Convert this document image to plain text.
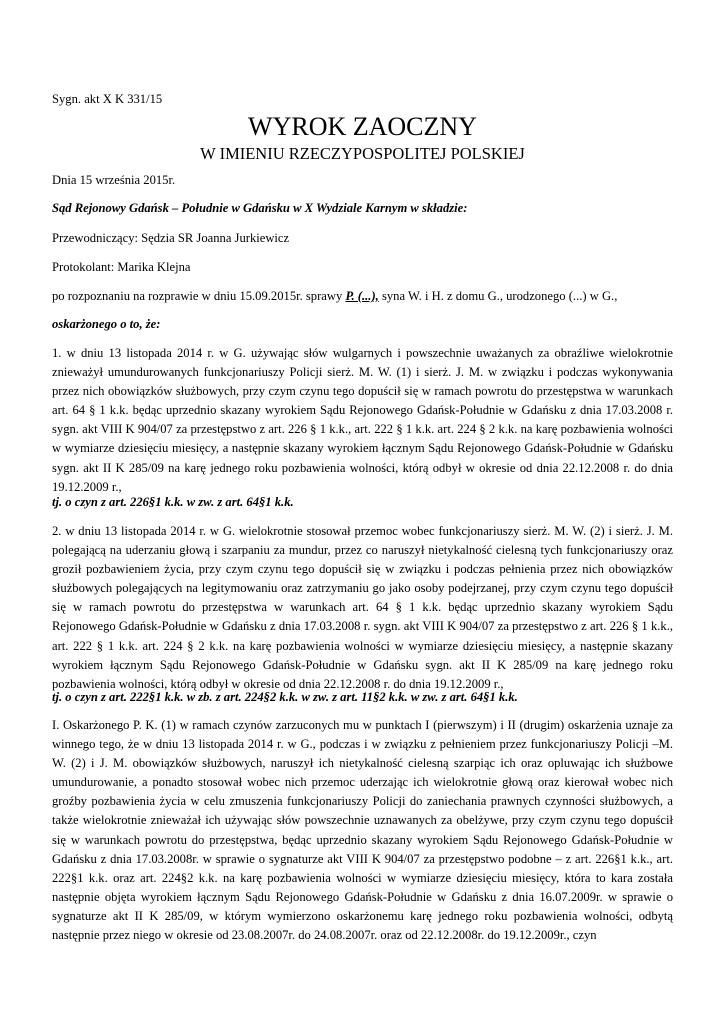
Sygn. akt X K 331/15
WYROK ZAOCZNY
W IMIENIU RZECZYPOSPOLITEJ POLSKIEJ
Dnia 15 września 2015r.
Sąd Rejonowy Gdańsk – Południe w Gdańsku w X Wydziale Karnym w składzie:
Przewodniczący: Sędzia SR Joanna Jurkiewicz
Protokolant: Marika Klejna
po rozpoznaniu na rozprawie w dniu 15.09.2015r. sprawy P. (...), syna W. i H. z domu G., urodzonego (...) w G.,
oskarżonego o to, że:

1. w dniu 13 listopada 2014 r. w G. używając słów wulgarnych i powszechnie uważanych za obraźliwe wielokrotnie znieważył umundurowanych funkcjonariuszy Policji sierż. M. W. (1) i sierż. J. M. w związku i podczas wykonywania przez nich obowiązków służbowych, przy czym czynu tego dopuścił się w ramach powrotu do przestępstwa w warunkach art. 64 § 1 k.k. będąc uprzednio skazany wyrokiem Sądu Rejonowego Gdańsk-Południe w Gdańsku z dnia 17.03.2008 r. sygn. akt VIII K 904/07 za przestępstwo z art. 226 § 1 k.k., art. 222 § 1 k.k. art. 224 § 2 k.k. na karę pozbawienia wolności w wymiarze dziesięciu miesięcy, a następnie skazany wyrokiem łącznym Sądu Rejonowego Gdańsk-Południe w Gdańsku sygn. akt II K 285/09 na karę jednego roku pozbawienia wolności, którą odbył w okresie od dnia 22.12.2008 r. do dnia 19.12.2009 r.,

tj. o czyn z art. 226§1 k.k. w zw. z art. 64§1 k.k.

2. w dniu 13 listopada 2014 r. w G. wielokrotnie stosował przemoc wobec funkcjonariuszy sierż. M. W. (2) i sierż. J. M. polegającą na uderzaniu głową i szarpaniu za mundur, przez co naruszył nietykalność cielesną tych funkcjonariuszy oraz groził pozbawieniem życia, przy czym czynu tego dopuścił się w związku i podczas pełnienia przez nich obowiązków służbowych polegających na legitymowaniu oraz zatrzymaniu go jako osoby podejrzanej, przy czym czynu tego dopuścił się w ramach powrotu do przestępstwa w warunkach art. 64 § 1 k.k. będąc uprzednio skazany wyrokiem Sądu Rejonowego Gdańsk-Południe w Gdańsku z dnia 17.03.2008 r. sygn. akt VIII K 904/07 za przestępstwo z art. 226 § 1 k.k., art. 222 § 1 k.k. art. 224 § 2 k.k. na karę pozbawienia wolności w wymiarze dziesięciu miesięcy, a następnie skazany wyrokiem łącznym Sądu Rejonowego Gdańsk-Południe w Gdańsku sygn. akt II K 285/09 na karę jednego roku pozbawienia wolności, którą odbył w okresie od dnia 22.12.2008 r. do dnia 19.12.2009 r.,

tj. o czyn z art. 222§1 k.k. w zb. z art. 224§2 k.k. w zw. z art. 11§2 k.k. w zw. z art. 64§1 k.k.

I. Oskarżonego P. K. (1) w ramach czynów zarzuconych mu w punktach I (pierwszym) i II (drugim) oskarżenia uznaje za winnego tego, że w dniu 13 listopada 2014 r. w G., podczas i w związku z pełnieniem przez funkcjonariuszy Policji –M. W. (2) i J. M. obowiązków służbowych, naruszył ich nietykalność cielesną szarpiąc ich oraz opluwając ich służbowe umundurowanie, a ponadto stosował wobec nich przemoc uderzając ich wielokrotnie głową oraz kierował wobec nich groźby pozbawienia życia w celu zmuszenia funkcjonariuszy Policji do zaniechania prawnych czynności służbowych, a także wielokrotnie znieważał ich używając słów powszechnie uznawanych za obelżywe, przy czym czynu tego dopuścił się w warunkach powrotu do przestępstwa, będąc uprzednio skazany wyrokiem Sądu Rejonowego Gdańsk-Południe w Gdańsku z dnia 17.03.2008r. w sprawie o sygnaturze akt VIII K 904/07 za przestępstwo podobne – z art. 226§1 k.k., art. 222§1 k.k. oraz art. 224§2 k.k. na karę pozbawienia wolności w wymiarze dziesięciu miesięcy, która to kara została następnie objęta wyrokiem łącznym Sądu Rejonowego Gdańsk-Południe w Gdańsku z dnia 16.07.2009r. w sprawie o sygnaturze akt II K 285/09, w którym wymierzono oskarżonemu karę jednego roku pozbawienia wolności, odbytą następnie przez niego w okresie od 23.08.2007r. do 24.08.2007r. oraz od 22.12.2008r. do 19.12.2009r., czyn
